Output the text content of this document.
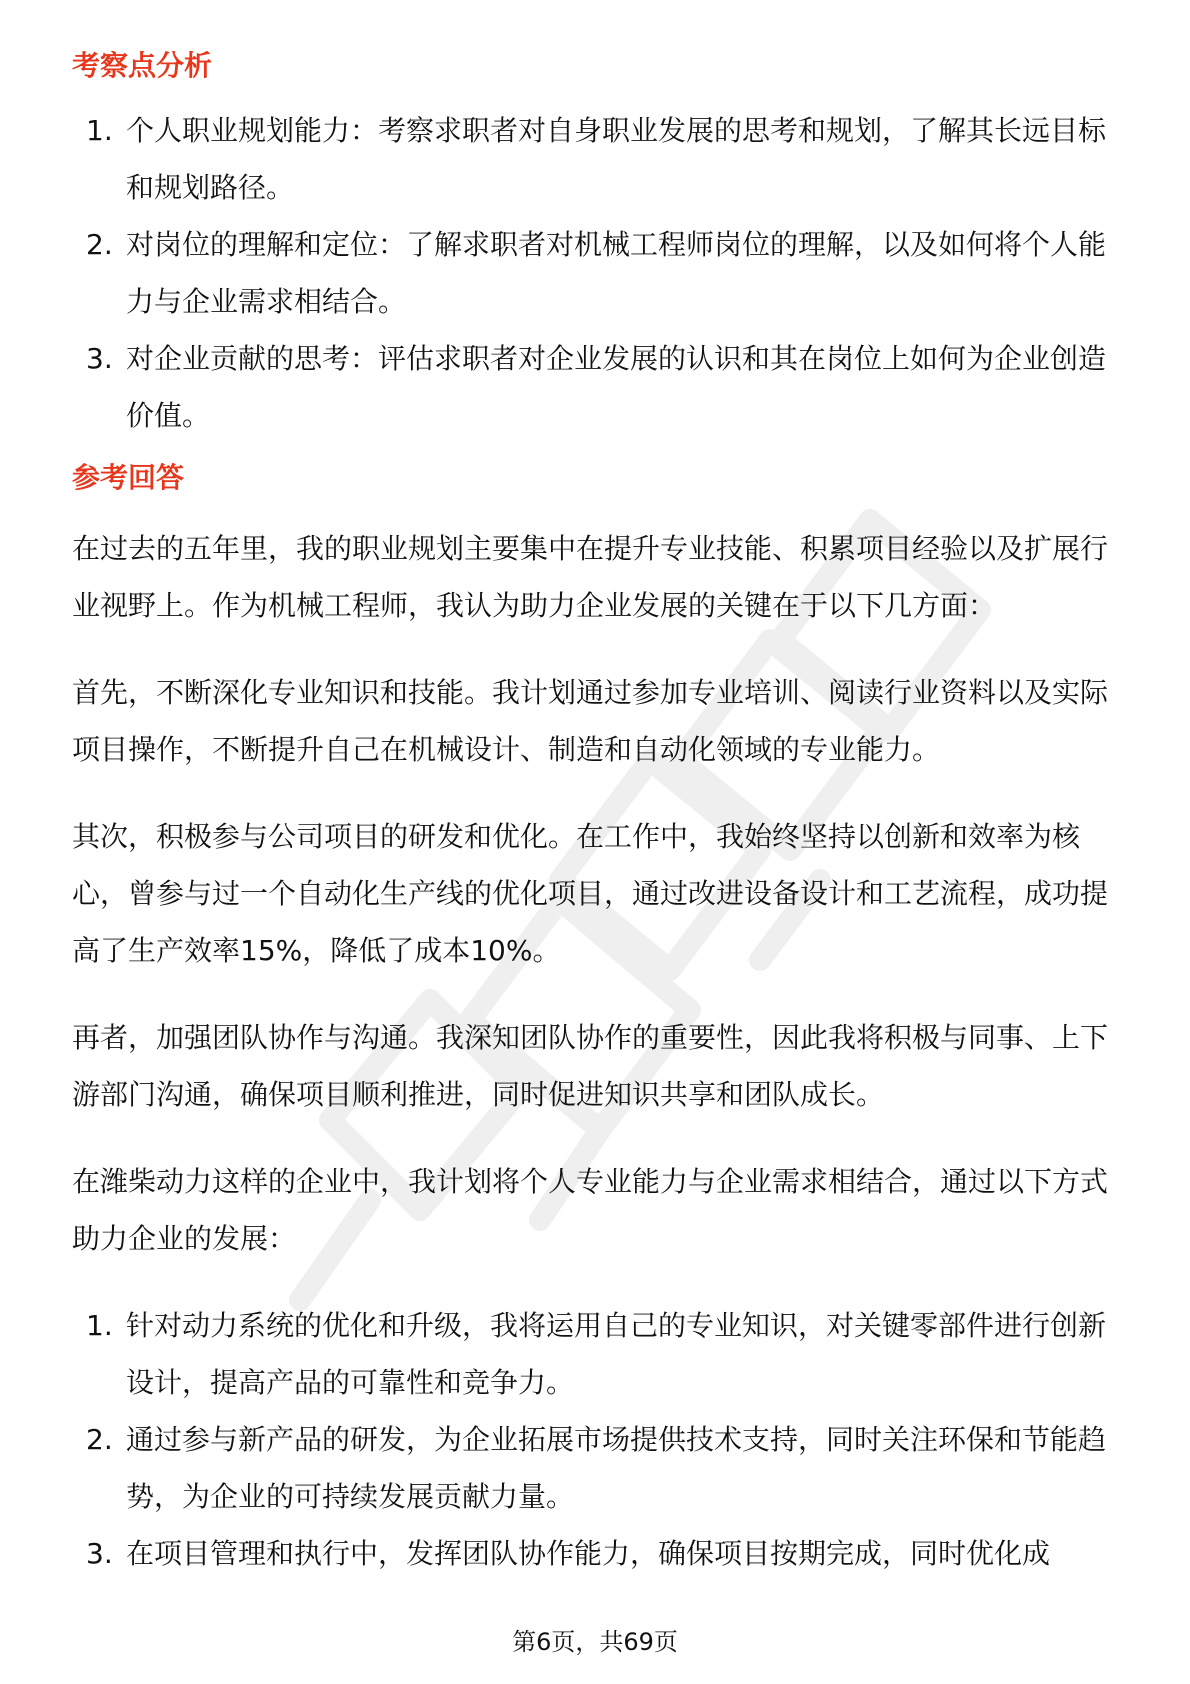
考察点分析
1. 个人职业规划能力：考察求职者对自身职业发展的思考和规划，了解其长远目标和规划路径。
2. 对岗位的理解和定位：了解求职者对机械工程师岗位的理解，以及如何将个人能力与企业需求相结合。
3. 对企业贡献的思考：评估求职者对企业发展的认识和其在岗位上如何为企业创造价值。
参考回答

在过去的五年里，我的职业规划主要集中在提升专业技能、积累项目经验以及扩展行业视野上。作为机械工程师，我认为助力企业发展的关键在于以下几方面：

首先，不断深化专业知识和技能。我计划通过参加专业培训、阅读行业资料以及实际项目操作，不断提升自己在机械设计、制造和自动化领域的专业能力。

其次，积极参与公司项目的研发和优化。在工作中，我始终坚持以创新和效率为核心，曾参与过一个自动化生产线的优化项目，通过改进设备设计和工艺流程，成功提高了生产效率15%，降低了成本10%。

再者，加强团队协作与沟通。我深知团队协作的重要性，因此我将积极与同事、上下游部门沟通，确保项目顺利推进，同时促进知识共享和团队成长。

在潍柴动力这样的企业中，我计划将个人专业能力与企业需求相结合，通过以下方式助力企业的发展：

1. 针对动力系统的优化和升级，我将运用自己的专业知识，对关键零部件进行创新设计，提高产品的可靠性和竞争力。
2. 通过参与新产品的研发，为企业拓展市场提供技术支持，同时关注环保和节能趋势，为企业的可持续发展贡献力量。
3. 在项目管理和执行中，发挥团队协作能力，确保项目按期完成，同时优化成
第6页，共69页
